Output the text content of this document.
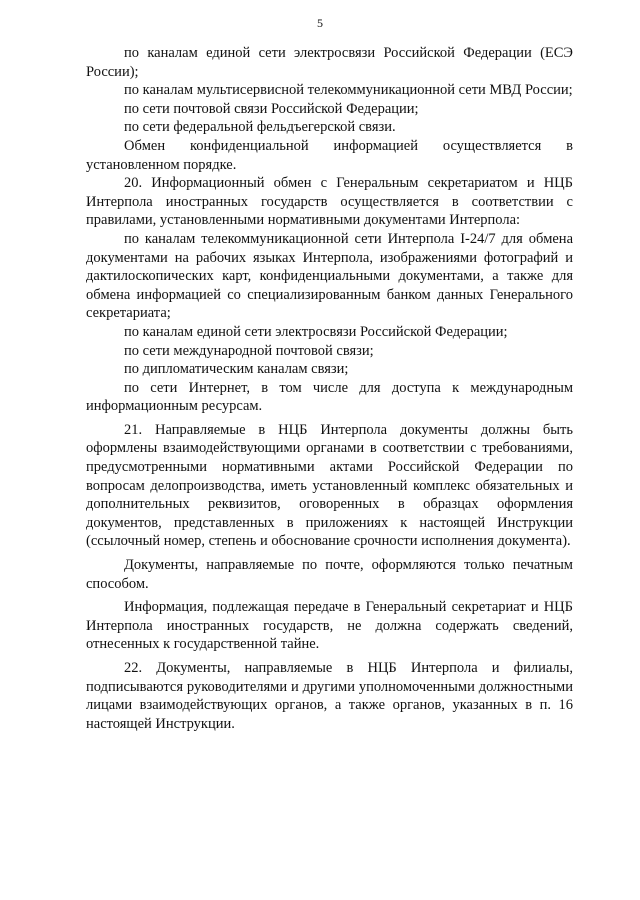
5

по каналам единой сети электросвязи Российской Федерации (ЕСЭ России);

по каналам мультисервисной телекоммуникационной сети МВД России;

по сети почтовой связи Российской Федерации;

по сети федеральной фельдъегерской связи.

Обмен конфиденциальной информацией осуществляется в установленном порядке.

20. Информационный обмен с Генеральным секретариатом и НЦБ Интерпола иностранных государств осуществляется в соответствии с правилами, установленными нормативными документами Интерпола:

по каналам телекоммуникационной сети Интерпола I-24/7 для обмена документами на рабочих языках Интерпола, изображениями фотографий и дактилоскопических карт, конфиденциальными документами, а также для обмена информацией со специализированным банком данных Генерального секретариата;

по каналам единой сети электросвязи Российской Федерации;

по сети международной почтовой связи;

по дипломатическим каналам связи;

по сети Интернет, в том числе для доступа к международным информационным ресурсам.

21. Направляемые в НЦБ Интерпола документы должны быть оформлены взаимодействующими органами в соответствии с требованиями, предусмотренными нормативными актами Российской Федерации по вопросам делопроизводства, иметь установленный комплекс обязательных и дополнительных реквизитов, оговоренных в образцах оформления документов, представленных в приложениях к настоящей Инструкции (ссылочный номер, степень и обоснование срочности исполнения документа).

Документы, направляемые по почте, оформляются только печатным способом.

Информация, подлежащая передаче в Генеральный секретариат и НЦБ Интерпола иностранных государств, не должна содержать сведений, отнесенных к государственной тайне.

22. Документы, направляемые в НЦБ Интерпола и филиалы, подписываются руководителями и другими уполномоченными должностными лицами взаимодействующих органов, а также органов, указанных в п. 16 настоящей Инструкции.
